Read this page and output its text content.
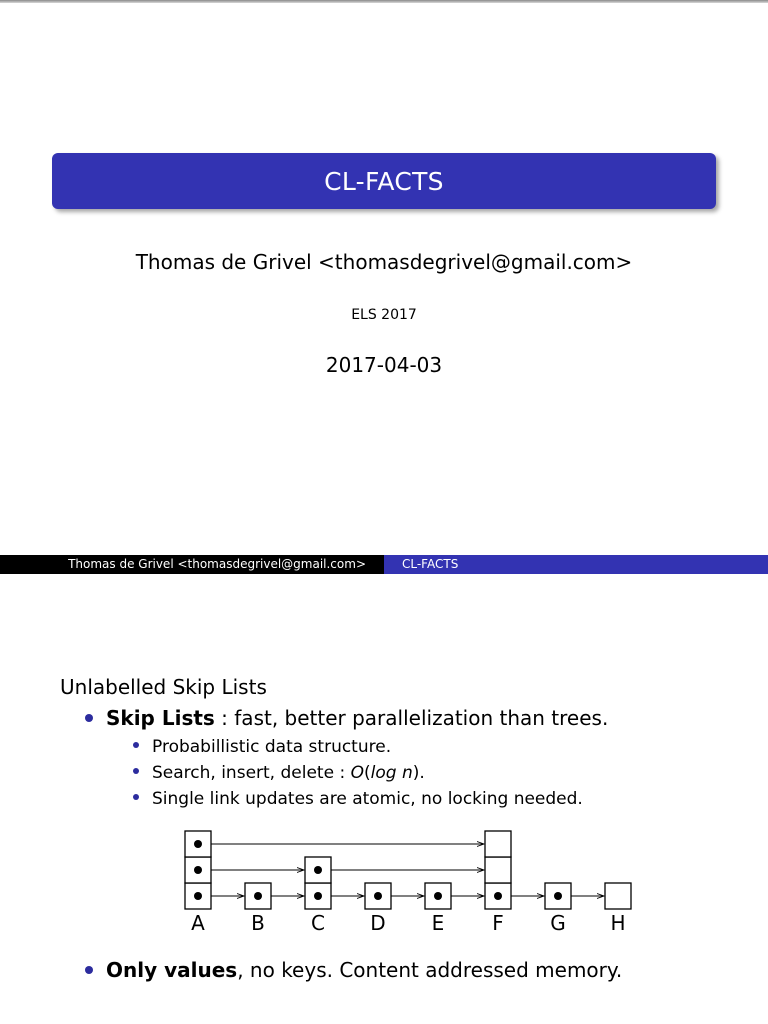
CL-FACTS
Thomas de Grivel <thomasdegrivel@gmail.com>
ELS 2017
2017-04-03
Thomas de Grivel <thomasdegrivel@gmail.com>	CL-FACTS
Unlabelled Skip Lists
Skip Lists : fast, better parallelization than trees.
Probabillistic data structure.
Search, insert, delete : O(log n).
Single link updates are atomic, no locking needed.
A B C D E F G H
Only values, no keys. Content addressed memory.
